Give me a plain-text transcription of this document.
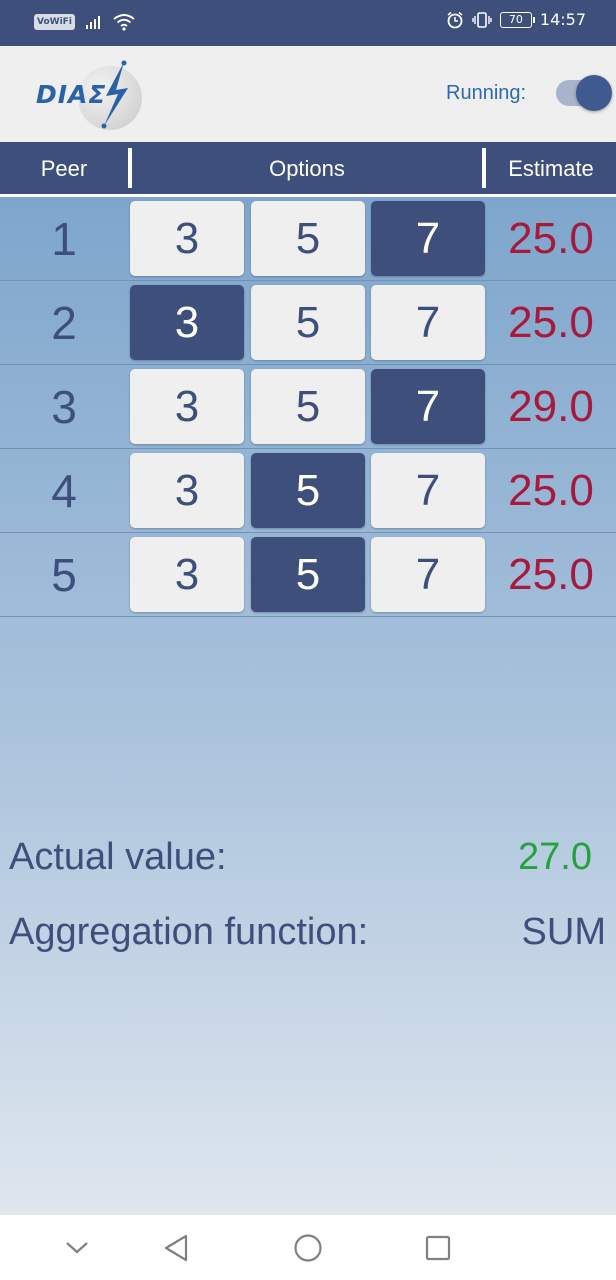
VoWiFi	70	14:57
DIAΣ	Running:
Peer	Options	Estimate
1	3	5	7	25.0
2	3	5	7	25.0
3	3	5	7	29.0
4	3	5	7	25.0
5	3	5	7	25.0
Actual value:	27.0
Aggregation function:	SUM
